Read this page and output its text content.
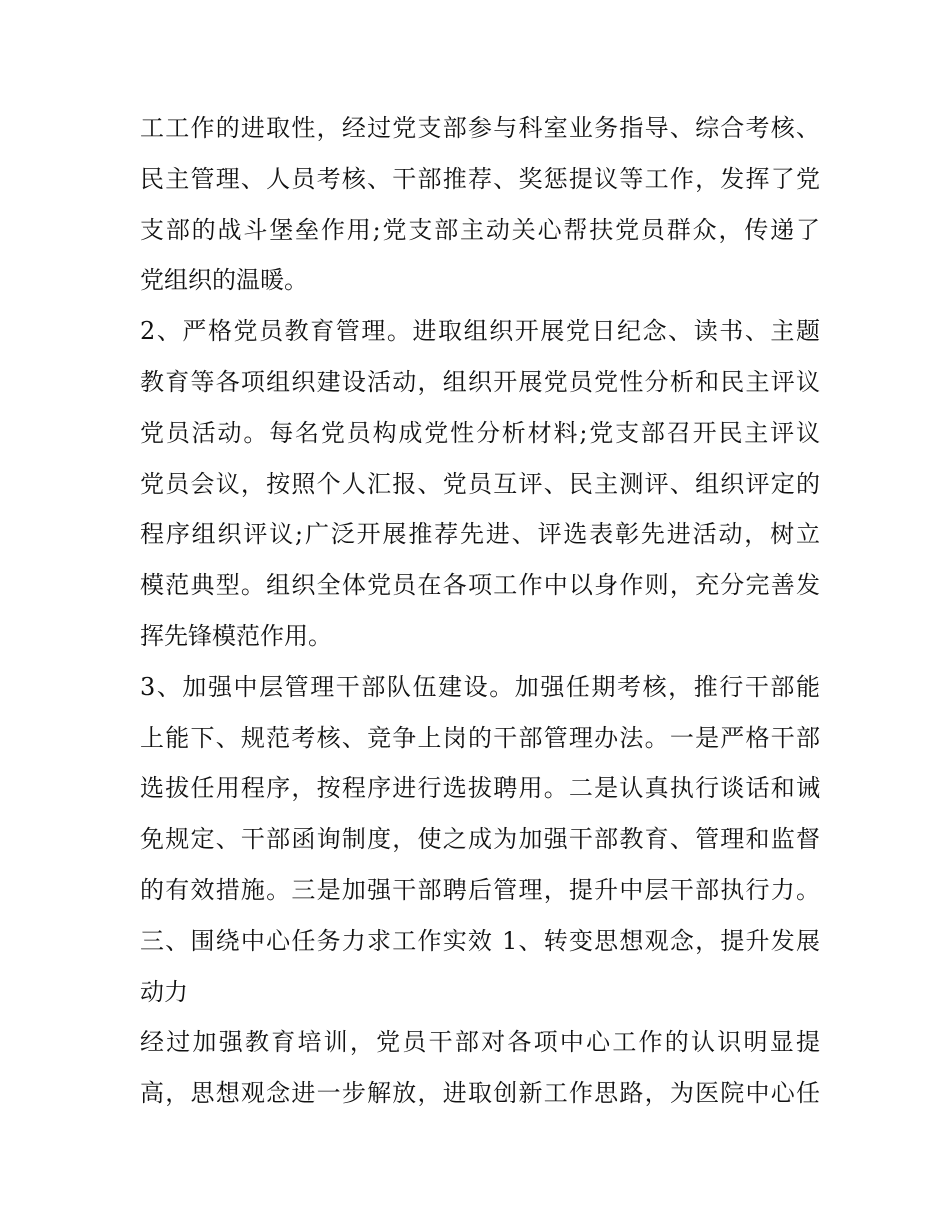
工工作的进取性，经过党支部参与科室业务指导、综合考核、
民主管理、人员考核、干部推荐、奖惩提议等工作，发挥了党
支部的战斗堡垒作用;党支部主动关心帮扶党员群众，传递了
党组织的温暖。
2、严格党员教育管理。进取组织开展党日纪念、读书、主题
教育等各项组织建设活动，组织开展党员党性分析和民主评议
党员活动。每名党员构成党性分析材料;党支部召开民主评议
党员会议，按照个人汇报、党员互评、民主测评、组织评定的
程序组织评议;广泛开展推荐先进、评选表彰先进活动，树立
模范典型。组织全体党员在各项工作中以身作则，充分完善发
挥先锋模范作用。
3、加强中层管理干部队伍建设。加强任期考核，推行干部能
上能下、规范考核、竞争上岗的干部管理办法。一是严格干部
选拔任用程序，按程序进行选拔聘用。二是认真执行谈话和诫
免规定、干部函询制度，使之成为加强干部教育、管理和监督
的有效措施。三是加强干部聘后管理，提升中层干部执行力。
三、围绕中心任务力求工作实效 1、转变思想观念，提升发展
动力
经过加强教育培训，党员干部对各项中心工作的认识明显提
高，思想观念进一步解放，进取创新工作思路，为医院中心任
